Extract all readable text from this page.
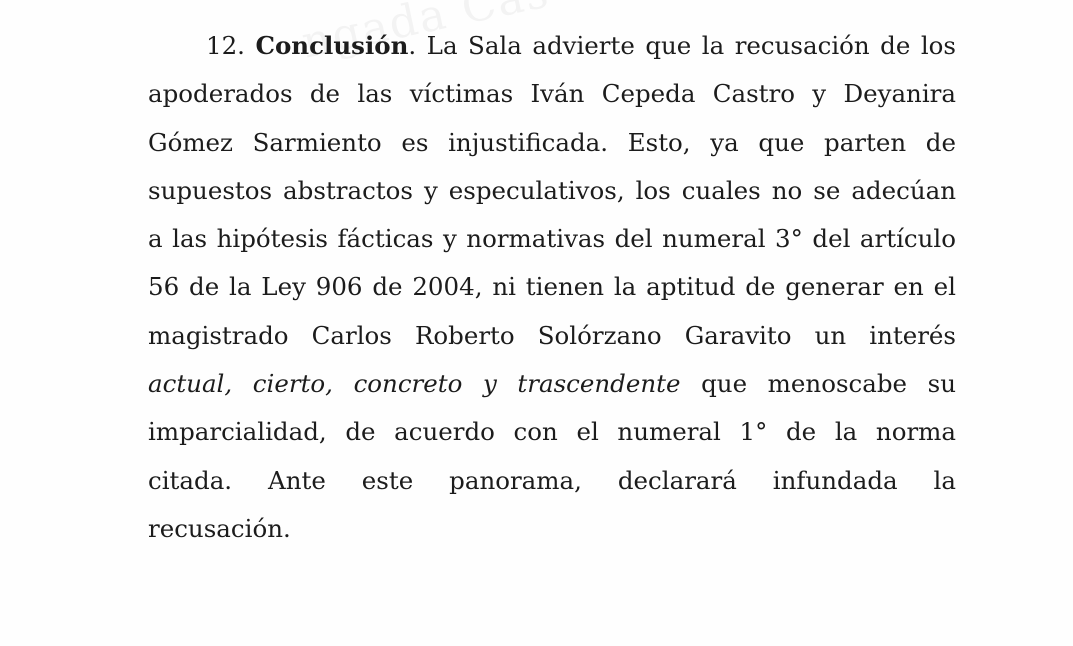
12. Conclusión. La Sala advierte que la recusación de los
apoderados de las víctimas Iván Cepeda Castro y Deyanira
Gómez Sarmiento es injustificada. Esto, ya que parten de
supuestos abstractos y especulativos, los cuales no se adecúan
a las hipótesis fácticas y normativas del numeral 3° del artículo
56 de la Ley 906 de 2004, ni tienen la aptitud de generar en el
magistrado Carlos Roberto Solórzano Garavito un interés
actual, cierto, concreto y trascendente que menoscabe su
imparcialidad, de acuerdo con el numeral 1° de la norma
citada. Ante este panorama, declarará infundada la
recusación.
